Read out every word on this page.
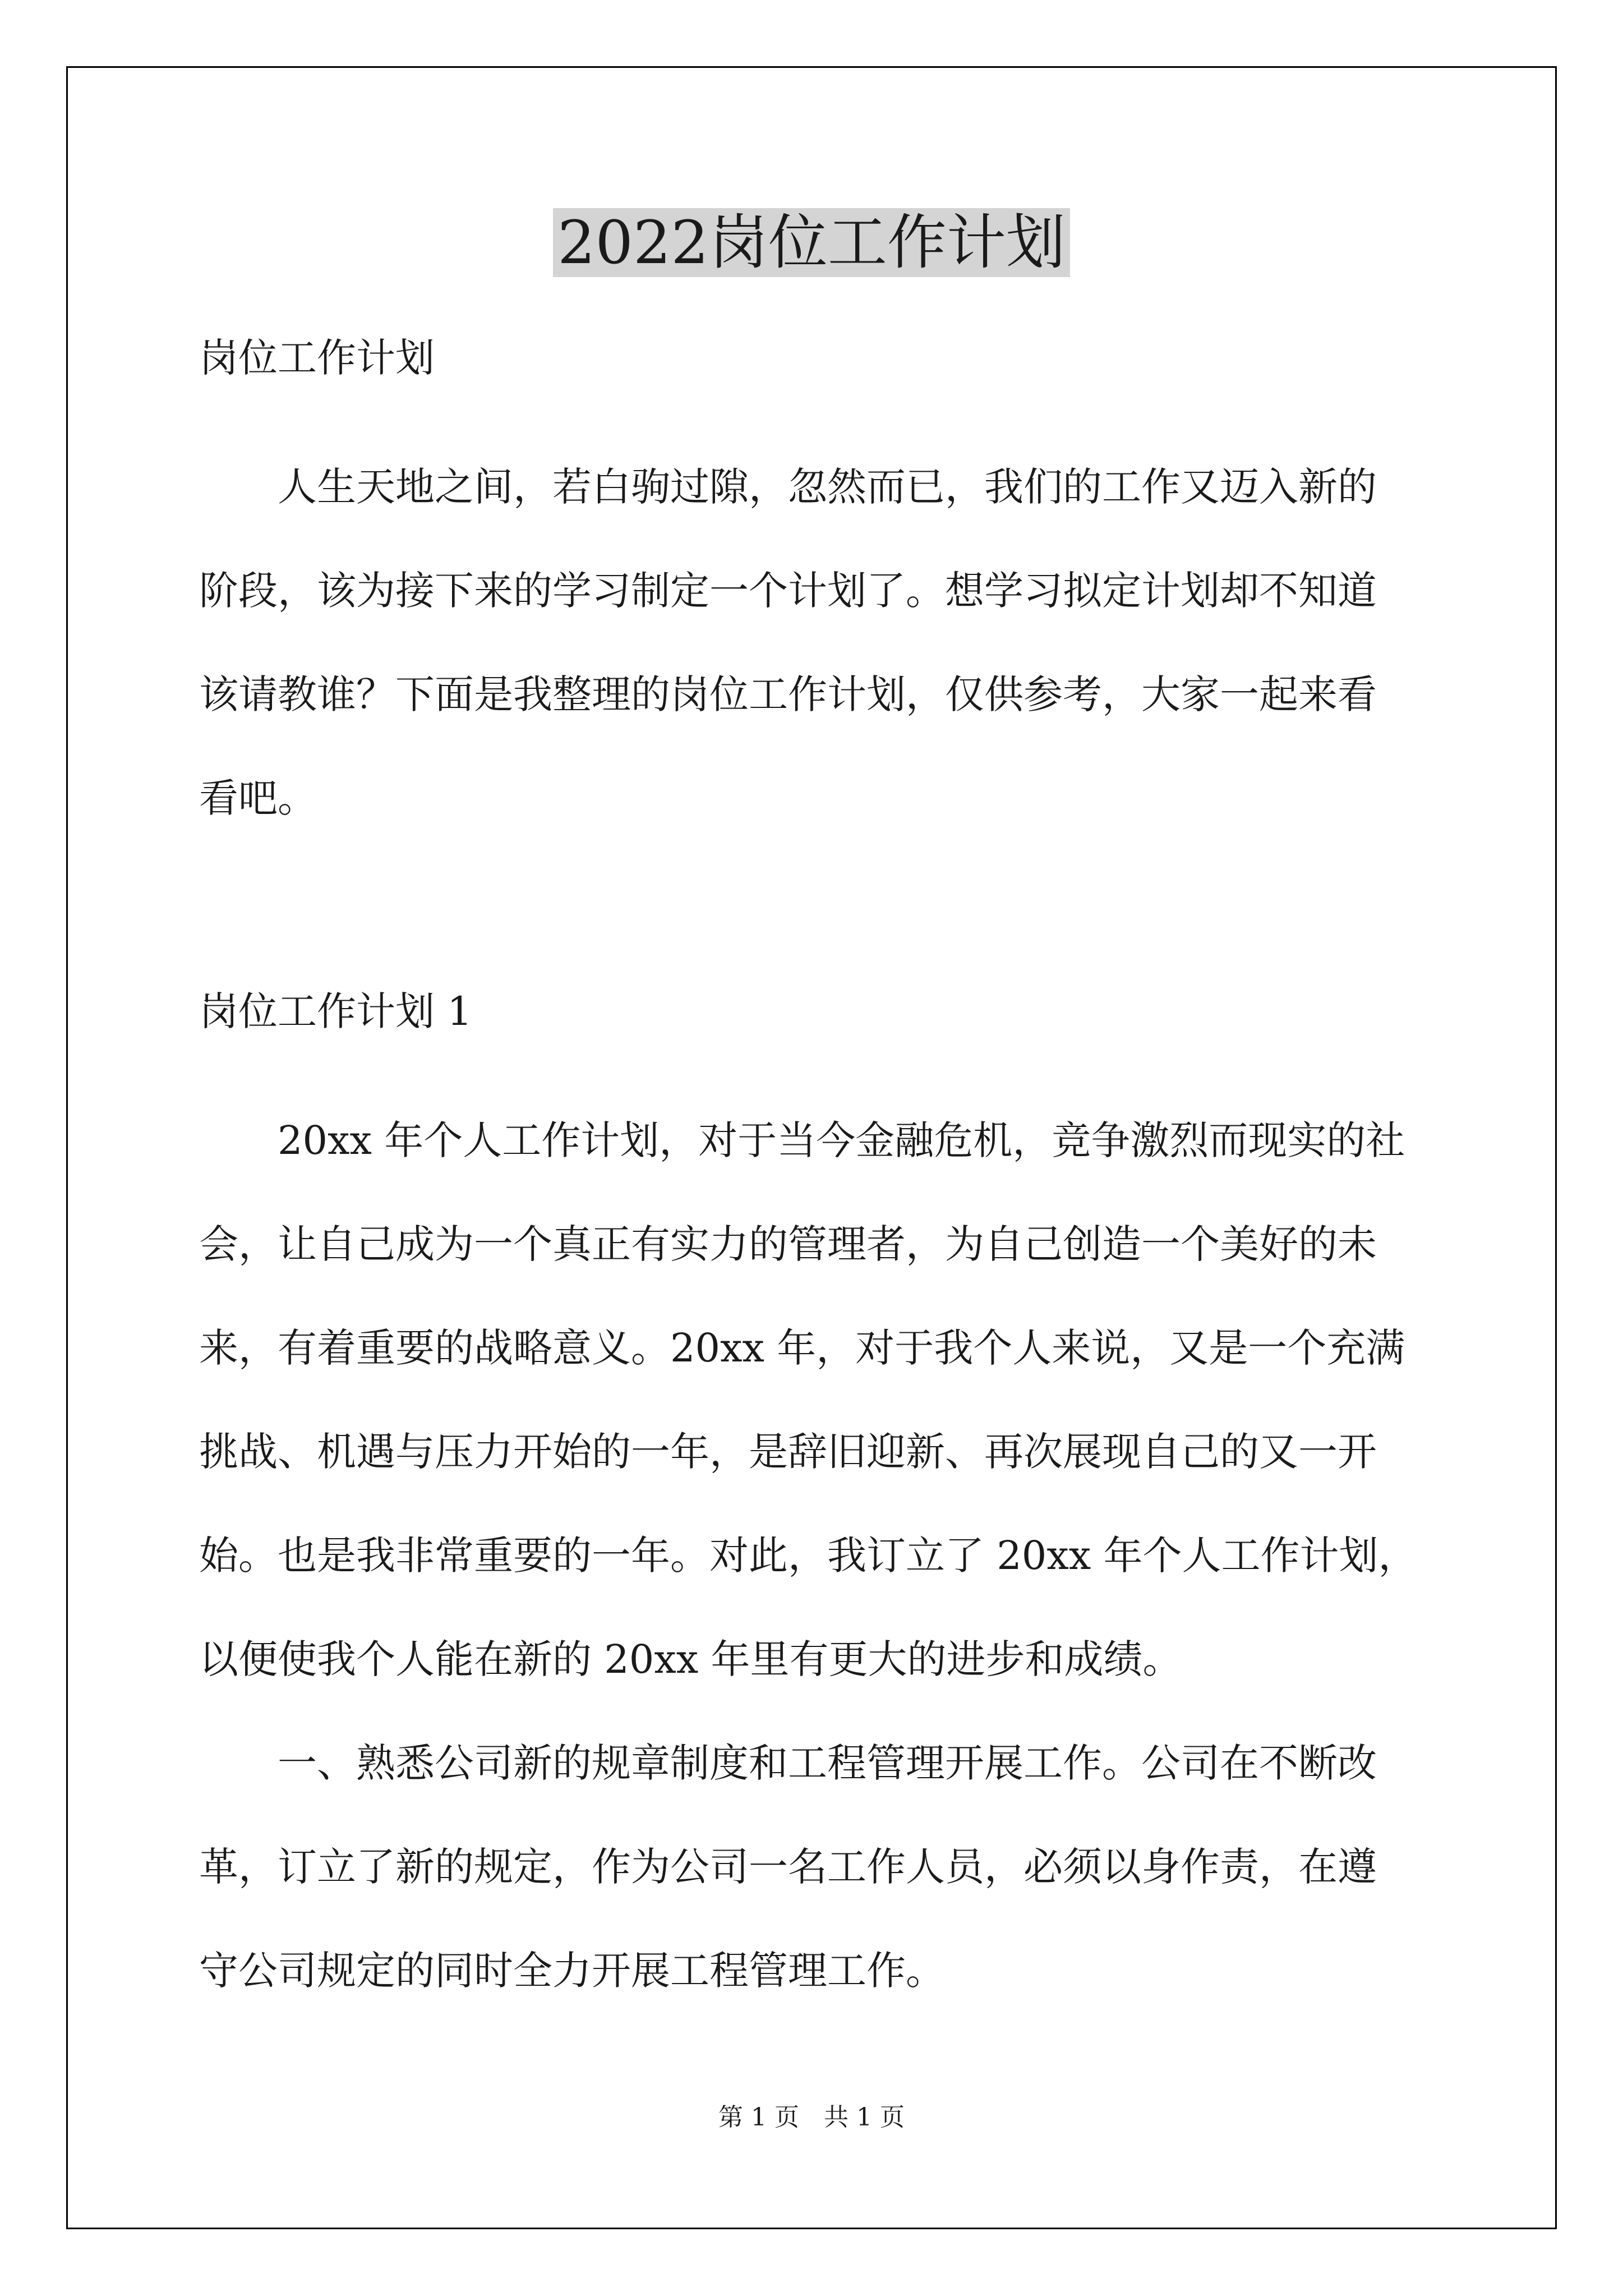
2022岗位工作计划
岗位工作计划
人生天地之间，若白驹过隙，忽然而已，我们的工作又迈入新的
阶段，该为接下来的学习制定一个计划了。想学习拟定计划却不知道
该请教谁？下面是我整理的岗位工作计划，仅供参考，大家一起来看
看吧。
岗位工作计划 1
20xx 年个人工作计划，对于当今金融危机，竞争激烈而现实的社
会，让自己成为一个真正有实力的管理者，为自己创造一个美好的未
来，有着重要的战略意义。20xx 年，对于我个人来说，又是一个充满
挑战、机遇与压力开始的一年，是辞旧迎新、再次展现自己的又一开
始。也是我非常重要的一年。对此，我订立了 20xx 年个人工作计划，
以便使我个人能在新的 20xx 年里有更大的进步和成绩。
一、熟悉公司新的规章制度和工程管理开展工作。公司在不断改
革，订立了新的规定，作为公司一名工作人员，必须以身作责，在遵
守公司规定的同时全力开展工程管理工作。
第 1 页　共 1 页
